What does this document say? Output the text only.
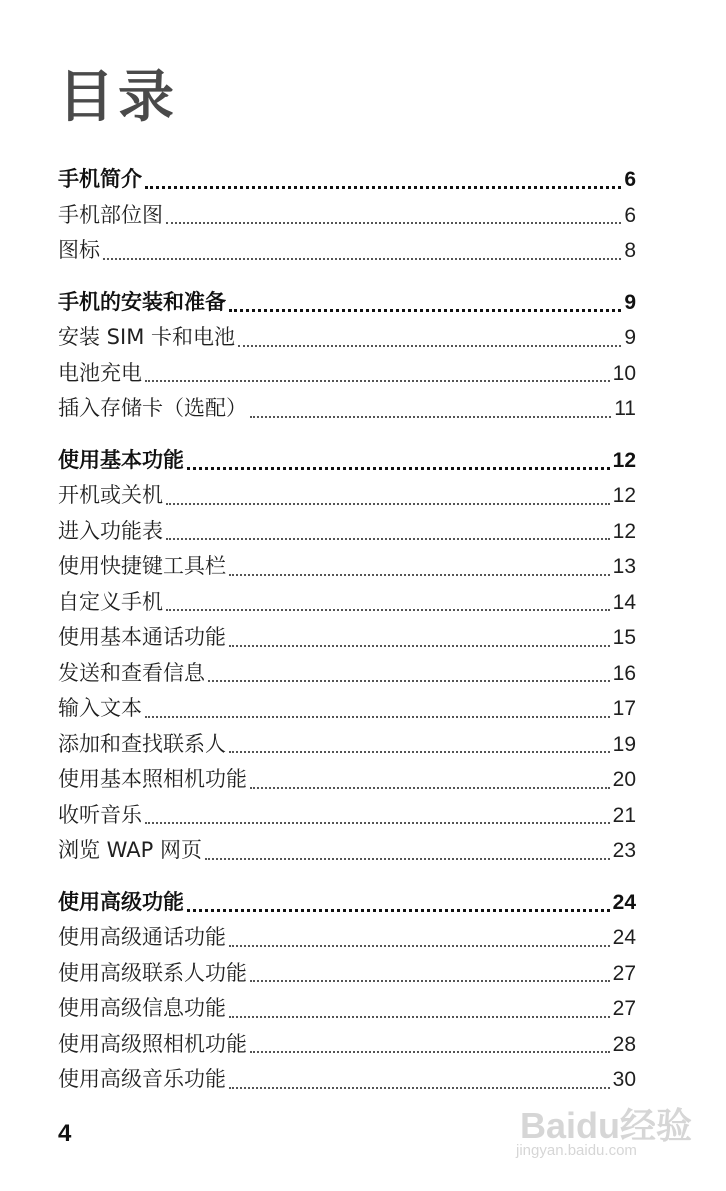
目录
手机简介	6
手机部位图	6
图标	8
手机的安装和准备	9
安装 SIM 卡和电池	9
电池充电	10
插入存储卡（选配）	11
使用基本功能	12
开机或关机	12
进入功能表	12
使用快捷键工具栏	13
自定义手机	14
使用基本通话功能	15
发送和查看信息	16
输入文本	17
添加和查找联系人	19
使用基本照相机功能	20
收听音乐	21
浏览 WAP 网页	23
使用高级功能	24
使用高级通话功能	24
使用高级联系人功能	27
使用高级信息功能	27
使用高级照相机功能	28
使用高级音乐功能	30
4	Baidu经验
jingyan.baidu.com
